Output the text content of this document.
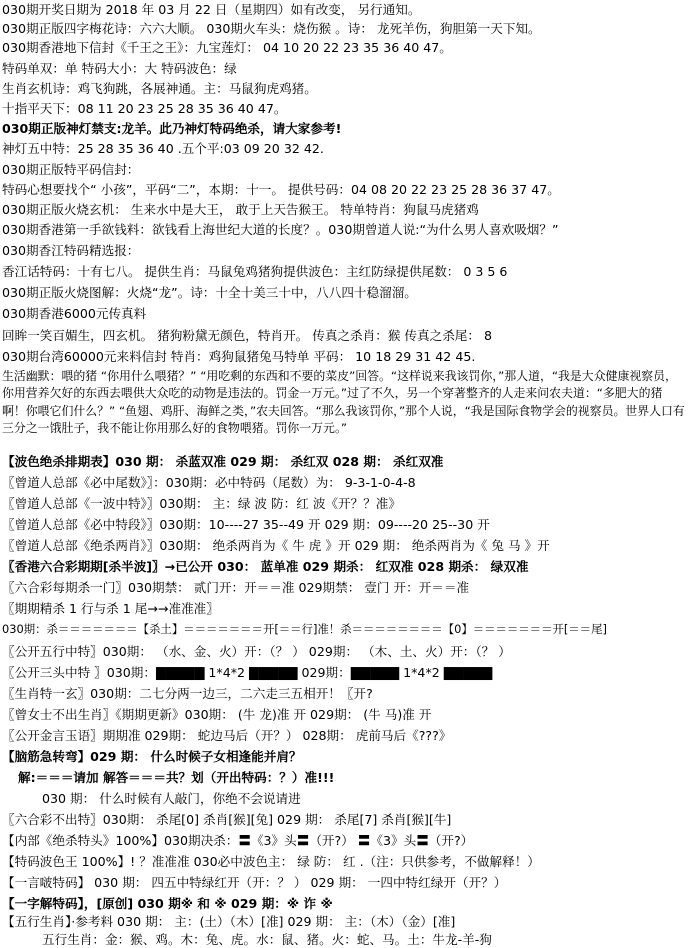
030期开奖日期为 2018 年 03 月 22 日（星期四）如有改变， 另行通知。
030期正版四字梅花诗：六六大顺。 030期火车头：烧伤猴 。诗： 龙死羊伤，狗胆第一天下知。
030期香港地下信封《千王之王》：九宝莲灯： 04 10 20 22 23 35 36 40 47。
特码单双：单 特码大小：大 特码波色：绿
生肖玄机诗：鸡飞狗跳，各展神通。主：马鼠狗虎鸡猪。
十指平天下：08 11 20 23 25 28 35 36 40 47。
030期正版神灯禁支:龙羊。此乃神灯特码绝杀，请大家参考!
神灯五中特：25 28 35 36 40 .五个平:03 09 20 32 42.
030期正版特平码信封：
特码心想要找个“ 小孩”，平码“二”，本期：十一。 提供号码：04 08 20 22 23 25 28 36 37 47。
030期正版火烧玄机： 生来水中是大王， 敢于上天告猴王。 特单特肖：狗鼠马虎猪鸡
030期香港第一手欲钱料：欲钱看上海世纪大道的长度？。030期曾道人说:“为什么男人喜欢吸烟？”
030期香江特码精选报：
香江话特码：十有七八。 提供生肖：马鼠兔鸡猪狗提供波色：主红防绿提供尾数： 0 3 5 6
030期正版火烧图解：火烧“龙”。诗：十全十美三十中，八八四十稳溜溜。
030期香港6000元传真料
回眸一笑百媚生，四玄机。 猪狗粉黛无颜色，特肖开。 传真之杀肖：猴 传真之杀尾： 8
030期台湾60000元来料信封 特肖：鸡狗鼠猪兔马特单 平码： 10 18 29 31 42 45.
生活幽默：喂的猪 “你用什么喂猪？” “用吃剩的东西和不要的菜皮”回答。“这样说来我该罚你，”那人道，“我是大众健康视察员，你用营养欠好的东西去喂供大众吃的动物是违法的。罚金一万元。”过了不久，另一个穿著整齐的人走来问农夫道：“多肥大的猪啊！你喂它们什么？” “鱼翅、鸡肝、海鲜之类，”农夫回答。“那么我该罚你，”那个人说，“我是国际食物学会的视察员。世界人口有三分之一饿肚子，我不能让你用那么好的食物喂猪。罚你一万元。”
【波色绝杀排期表】030 期： 杀蓝双准 029 期： 杀红双 028 期： 杀红双准
〖曾道人总部《必中尾数》〗：030期：必中特码（尾数）为： 9-3-1-0-4-8
〖曾道人总部《一波中特》〗030期： 主：绿 波 防：红 波《开？？准》
〖曾道人总部《必中特段》〗030期：10----27 35--49 开 029 期：09----20 25--30 开
〖曾道人总部《绝杀两肖》〗030期： 绝杀两肖为《 牛 虎 》开 029 期： 绝杀两肖为《 兔 马 》开
〖香港六合彩期期[杀半波]〗→已公开 030： 蓝单准 029 期杀： 红双准 028 期杀： 绿双准
〖六合彩每期杀一门〗030期禁： 贰门开：开＝＝准 029期禁： 壹门 开：开＝＝准
〖期期精杀 1 行与杀 1 尾→→准准准〗
030期：杀＝＝＝＝＝＝＝【杀土】＝＝＝＝＝＝＝开[＝＝行]准！杀＝＝＝＝＝＝＝＝【0】＝＝＝＝＝＝＝开[＝＝尾]
〖公开五行中特〗030期： （水、金、火）开：（？ ） 029期： （木、土、火）开：（？ ）
〖公开三头中特 〗030期：▇▇▇▇▇ 1*4*2 ▇▇▇▇▇ 029期：▇▇▇▇▇ 1*4*2 ▇▇▇▇▇
〖生肖特一玄〗030期：二七分两一边三，二六走三五相开！〖开?
〖曾女士不出生肖〗《期期更新》030期： (牛 龙)准 开 029期： (牛 马)准 开
〖公开金言玉语〗期期准 029期： 蛇边马后（开？） 028期： 虎前马后《???》
【脑筋急转弯】029 期： 什么时候子女相逢能并肩？
解:＝＝＝请加 解答＝＝＝共？划（开出特码：？）准!!!
030 期： 什么时候有人敲门，你绝不会说请进
〖六合彩不出特〗030期： 杀尾[0] 杀肖[猴][兔] 029 期： 杀尾[7] 杀肖[猴][牛]
【内部《绝杀特头》100%】030期决杀：〓《3》头〓（开?） 〓《3》头〓（开?）
【特码波色王 100%】! ？准准准 030必中波色主： 绿 防： 红 .（注：只供参考，不做解释！）
【一言啵特码】 030 期： 四五中特绿红开（开：？ ） 029 期： 一四中特红绿开（开？）
【一字解特码】，[原创] 030 期※ 和 ※ 029 期：※ 诈 ※
【五行生肖】·参考料 030 期： 主：(土）（木）[准] 029 期： 主：（木）（金）[准]
五行生肖：金：猴、鸡。木：兔、虎。水：鼠、猪。火：蛇、马。土：牛龙-羊-狗
